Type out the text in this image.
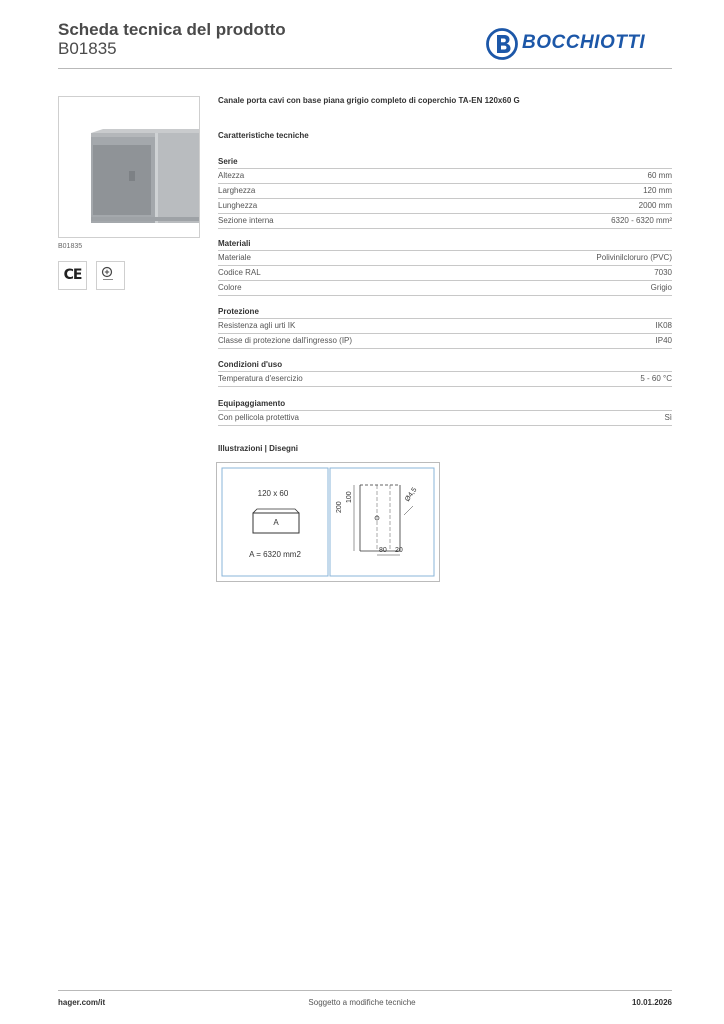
Scheda tecnica del prodotto
B01835	BOCCHIOTTI
B01835
CE
Canale porta cavi con base piana grigio completo di coperchio TA-EN 120x60 G
Caratteristiche tecniche
Serie
Altezza	60 mm
Larghezza	120 mm
Lunghezza	2000 mm
Sezione interna	6320 - 6320 mm²
Materiali
Materiale	Polivinilcloruro (PVC)
Codice RAL	7030
Colore	Grigio
Protezione
Resistenza agli urti IK	IK08
Classe di protezione dall'ingresso (IP)	IP40
Condizioni d'uso
Temperatura d'esercizio	5 - 60 °C
Equipaggiamento
Con pellicola protettiva	Sì
Illustrazioni | Disegni
120 x 60
A
A = 6320 mm2
200
100	Ø4,5
80 20
hager.com/it	Soggetto a modifiche tecniche	10.01.2026
